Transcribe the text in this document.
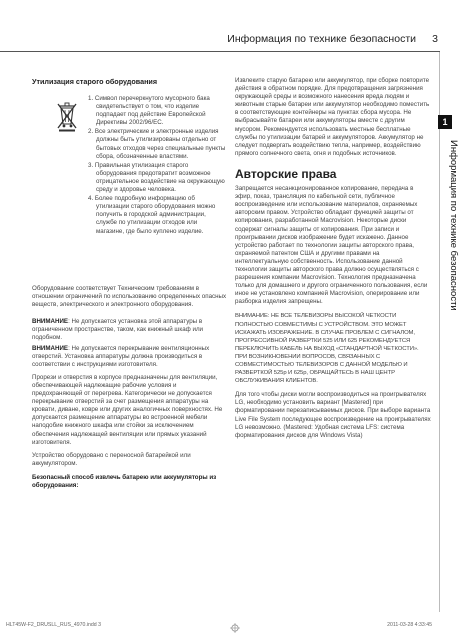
Информация по технике безопасности 3
1
Информация по технике безопасности
Утилизация старого оборудования

1. Символ перечеркнутого мусорного бака свидетельствует о том, что изделие подпадает под действие Европейской Директивы 2002/96/ЕС.

2. Все электрические и электронные изделия должны быть утилизированы отдельно от бытовых отходов через специальные пункты сбора, обозначенные властями.

3. Правильная утилизация старого оборудования предотвратит возможное отрицательное воздействие на окружающую среду и здоровье человека.

4. Более подробную информацию об утилизации старого оборудования можно получить в городской администрации, службе по утилизации отходов или магазине, где было куплено изделие.

Оборудование соответствует Техническим требованиям в отношении ограничений по использованию определенных опасных веществ, электрического и электронного оборудования.

ВНИМАНИЕ: Не допускается установка этой аппаратуры в ограниченном пространстве, таком, как книжный шкаф или подобном.

ВНИМАНИЕ: Не допускается перекрывание вентиляционных отверстий. Установка аппаратуры должна производиться в соответствии с инструкциями изготовителя.

Прорези и отверстия в корпусе предназначены для вентиляции, обеспечивающей надлежащие рабочие условия и предохраняющей от перегрева. Категорически не допускается перекрывание отверстий за счет размещения аппаратуры на кровати, диване, ковре или других аналогичных поверхностях. Не допускается размещение аппаратуры во встроенной мебели наподобие книжного шкафа или стойки за исключением обеспечения надлежащей вентиляции или прямых указаний изготовителя.

Устройство оборудовано с переносной батарейкой или аккумулятором.

Безопасный способ извлечь батарею или аккумуляторы из оборудования:

Извлеките старую батарею или аккумулятор, при сборке повторите действия в обратном порядке. Для предотвращения загрязнения окружающей среды и возможного нанесения вреда людям и животным старые батареи или аккумулятор необходимо поместить в соответствующие контейнеры на пунктах сбора мусора. Не выбрасывайте батареи или аккумуляторы вместе с другим мусором. Рекомендуется использовать местные бесплатные службы по утилизации батарей и аккумуляторов. Аккумулятор не следует подвергать воздействию тепла, например, воздействию прямого солнечного света, огня и подобных источников.

Авторские права

Запрещается несанкционированное копирование, передача в эфир, показ, трансляция по кабельной сети, публичное воспроизведение или использование материалов, охраняемых авторским правом. Устройство обладает функцией защиты от копирования, разработанной Macrovision. Некоторые диски содержат сигналы защиты от копирования. При записи и проигрывании дисков изображение будет искажено. Данное устройство работает по технологии защиты авторского права, охраняемой патентом США и другими правами на интеллектуальную собственность. Использование данной технологии защиты авторского права должно осуществляться с разрешения компании Macrovision. Технология предназначена только для домашнего и другого ограниченного пользования, если иное не установлено компанией Macrovision, оперирование или разборка изделия запрещены.

ВНИМАНИЕ: НЕ ВСЕ ТЕЛЕВИЗОРЫ ВЫСОКОЙ ЧЕТКОСТИ ПОЛНОСТЬЮ СОВМЕСТИМЫ С УСТРОЙСТВОМ. ЭТО МОЖЕТ ИСКАЖАТЬ ИЗОБРАЖЕНИЕ. В СЛУЧАЕ ПРОБЛЕМ С СИГНАЛОМ, ПРОГРЕССИВНОЙ РАЗВЕРТКИ 525 ИЛИ 625 РЕКОМЕНДУЕТСЯ ПЕРЕКЛЮЧИТЬ КАБЕЛЬ НА ВЫХОД «СТАНДАРТНОЙ ЧЕТКОСТИ». ПРИ ВОЗНИКНОВЕНИИ ВОПРОСОВ, СВЯЗАННЫХ С СОВМЕСТИМОСТЬЮ ТЕЛЕВИЗОРОВ С ДАННОЙ МОДЕЛЬЮ И РАЗВЕРТКОЙ 525p И 625p, ОБРАЩАЙТЕСЬ В НАШ ЦЕНТР ОБСЛУЖИВАНИЯ КЛИЕНТОВ.

Для того чтобы диски могли воспроизводиться на проигрывателях LG, необходимо установить вариант [Mastered] при форматировании перезаписываемых дисков. При выборе варианта Live File System последующее воспроизведение на проигрывателях LG невозможно. (Mastered: Удобная система LFS: система форматирования дисков для Windows Vista)

HLT45W-F2_DRUSLL_RUS_4970.indd 3	2011-03-28 4:33:45
